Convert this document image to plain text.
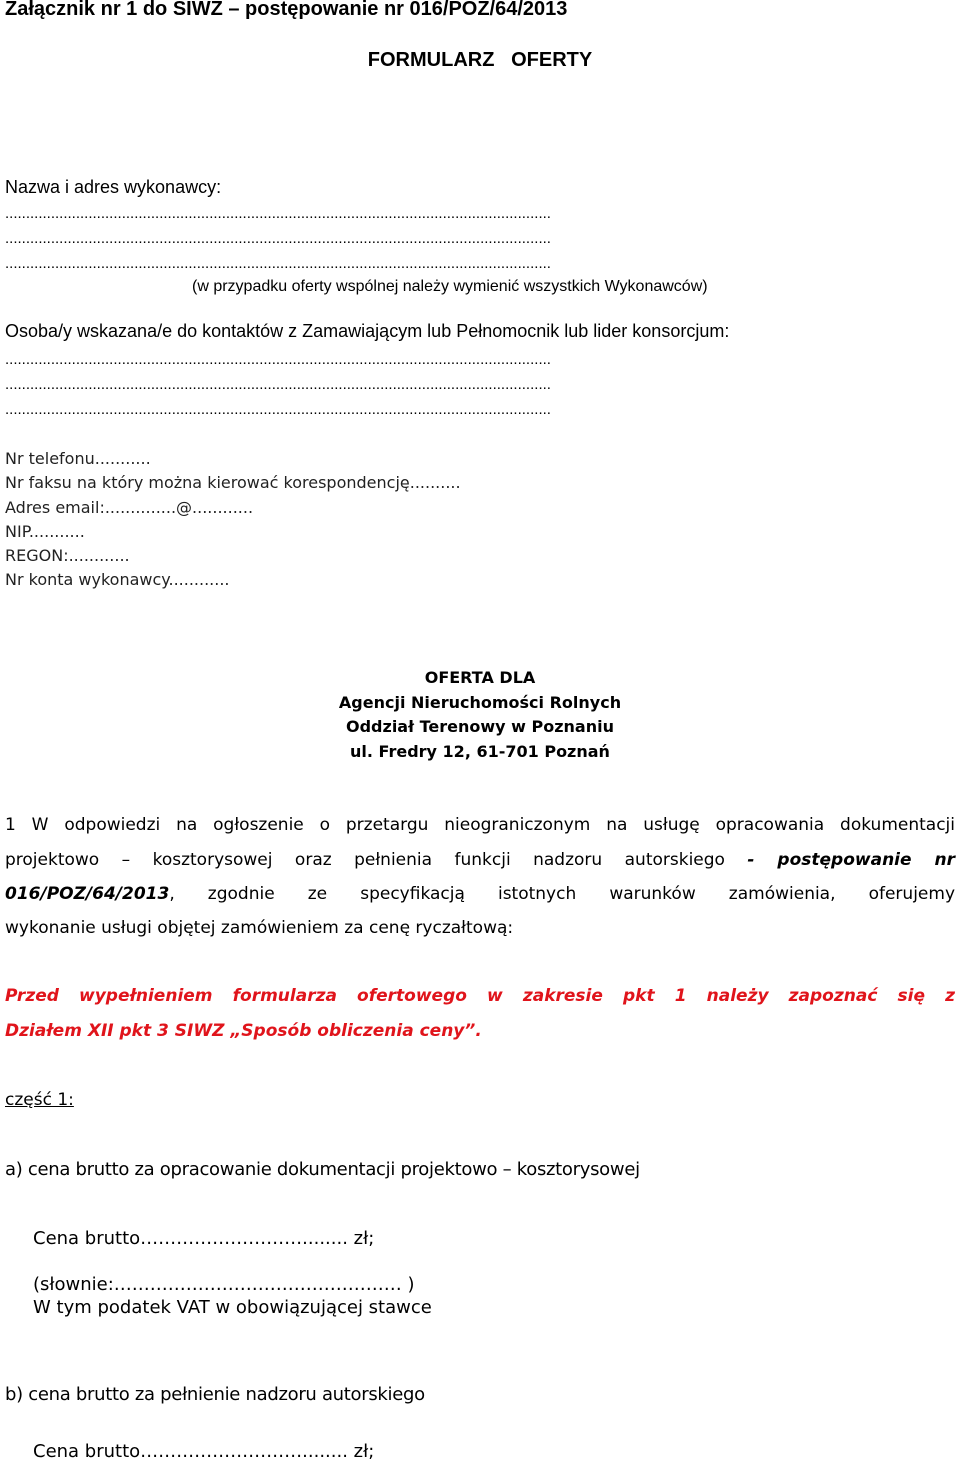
Załącznik nr 1 do SIWZ – postępowanie nr 016/POZ/64/2013
FORMULARZ   OFERTY
Nazwa i adres wykonawcy:
...................................................................................................................................
...................................................................................................................................
...................................................................................................................................
(w przypadku oferty wspólnej należy wymienić wszystkich Wykonawców)
Osoba/y wskazana/e do kontaktów z Zamawiającym lub Pełnomocnik lub lider konsorcjum:
...................................................................................................................................
...................................................................................................................................
...................................................................................................................................
Nr telefonu...........
Nr faksu na który można kierować korespondencję..........
Adres email:..............@............
NIP...........
REGON:............
Nr konta wykonawcy............
OFERTA DLA
Agencji Nieruchomości Rolnych
Oddział Terenowy w Poznaniu
ul. Fredry 12, 61-701 Poznań
1 W odpowiedzi na ogłoszenie o przetargu nieograniczonym na usługę opracowania dokumentacji
projektowo – kosztorysowej oraz pełnienia funkcji nadzoru autorskiego - postępowanie nr
016/POZ/64/2013, zgodnie ze specyfikacją istotnych warunków zamówienia, oferujemy
wykonanie usługi objętej zamówieniem za cenę ryczałtową:
Przed wypełnieniem formularza ofertowego w zakresie pkt 1 należy zapoznać się z
Działem XII pkt 3 SIWZ „Sposób obliczenia ceny”.
część 1:
a) cena brutto za opracowanie dokumentacji projektowo – kosztorysowej
Cena brutto………………………........ zł;
(słownie:………………………………………… )
W tym podatek VAT w obowiązującej stawce
b) cena brutto za pełnienie nadzoru autorskiego
Cena brutto………………………........ zł;
